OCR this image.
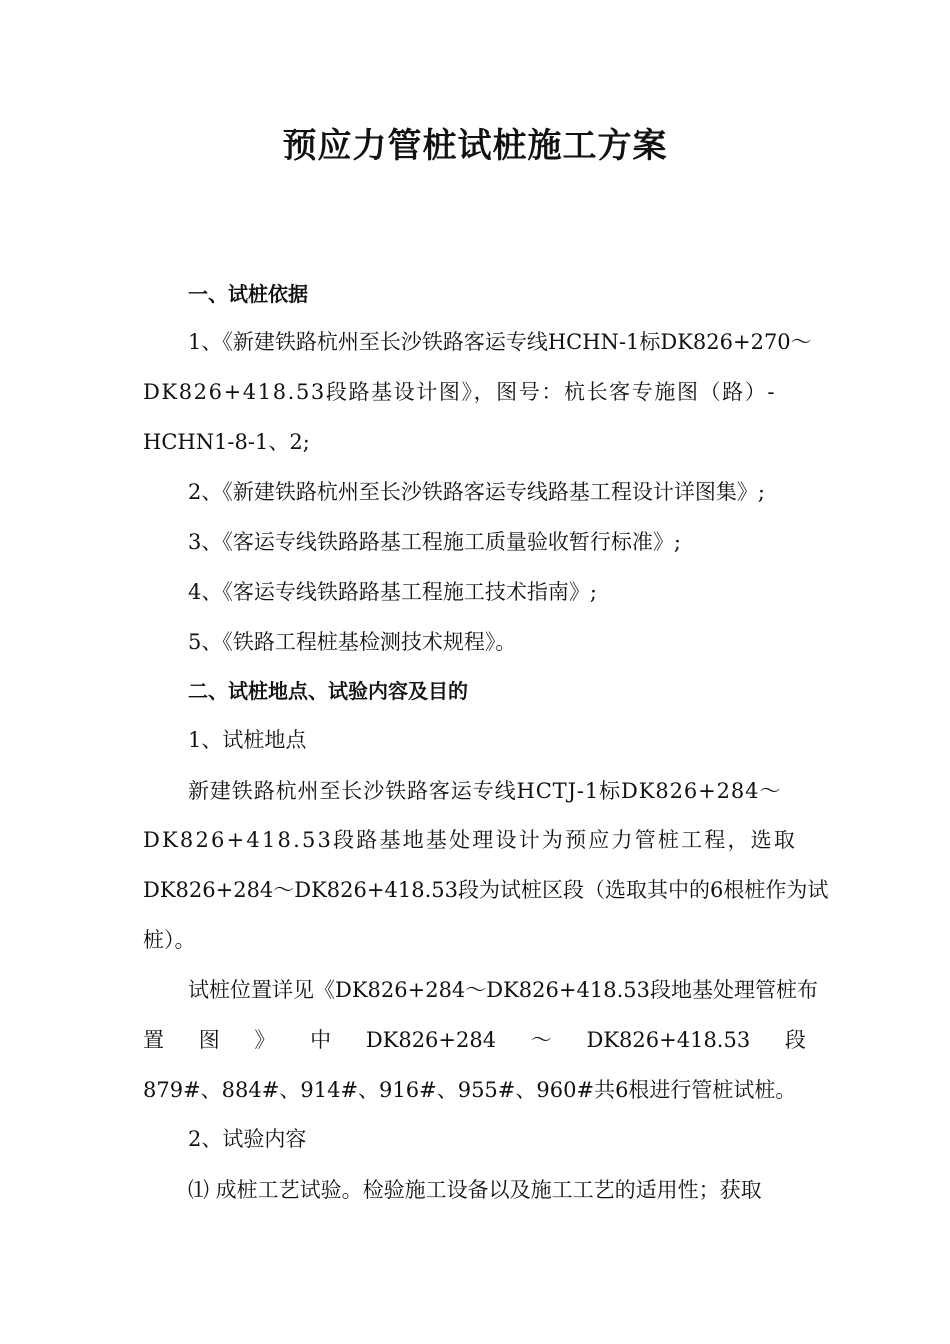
预应力管桩试桩施工方案

一、试桩依据

1、《新建铁路杭州至长沙铁路客运专线HCHN-1标DK826+270～

DK826+418.53段路基设计图》，图号：杭长客专施图（路）-

HCHN1-8-1、2;

2、《新建铁路杭州至长沙铁路客运专线路基工程设计详图集》;

3、《客运专线铁路路基工程施工质量验收暂行标准》;

4、《客运专线铁路路基工程施工技术指南》;

5、《铁路工程桩基检测技术规程》。

二、试桩地点、试验内容及目的

1、试桩地点

新建铁路杭州至长沙铁路客运专线HCTJ-1标DK826+284～

DK826+418.53段路基地基处理设计为预应力管桩工程，选取

DK826+284～DK826+418.53段为试桩区段（选取其中的6根桩作为试

桩）。

试桩位置详见《DK826+284～DK826+418.53段地基处理管桩布

置 图 》 中 DK826+284 ～ DK826+418.53 段

879#、884#、914#、916#、955#、960#共6根进行管桩试桩。

2、试验内容

⑴ 成桩工艺试验。检验施工设备以及施工工艺的适用性；获取
